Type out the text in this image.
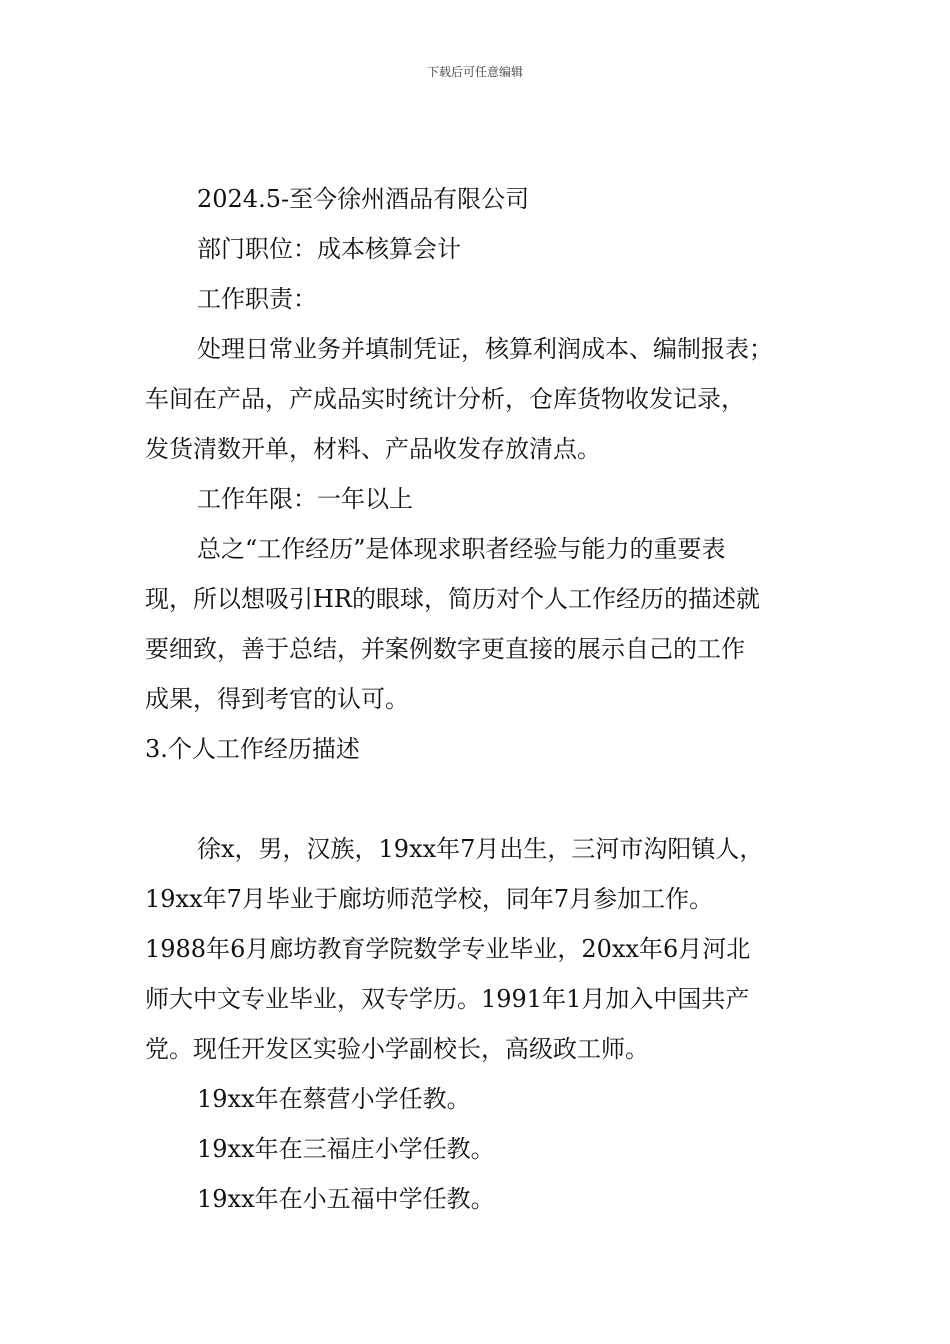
下载后可任意编辑

2024.5-至今徐州酒品有限公司

部门职位：成本核算会计

工作职责：

处理日常业务并填制凭证，核算利润成本、编制报表；

车间在产品，产成品实时统计分析，仓库货物收发记录，

发货清数开单，材料、产品收发存放清点。

工作年限：一年以上

总之“工作经历”是体现求职者经验与能力的重要表

现，所以想吸引HR的眼球，简历对个人工作经历的描述就

要细致，善于总结，并案例数字更直接的展示自己的工作

成果，得到考官的认可。

3.个人工作经历描述

徐x，男，汉族，19xx年7月出生，三河市沟阳镇人，

19xx年7月毕业于廊坊师范学校，同年7月参加工作。

1988年6月廊坊教育学院数学专业毕业，20xx年6月河北

师大中文专业毕业，双专学历。1991年1月加入中国共产

党。现任开发区实验小学副校长，高级政工师。

19xx年在蔡营小学任教。

19xx年在三福庄小学任教。

19xx年在小五福中学任教。
